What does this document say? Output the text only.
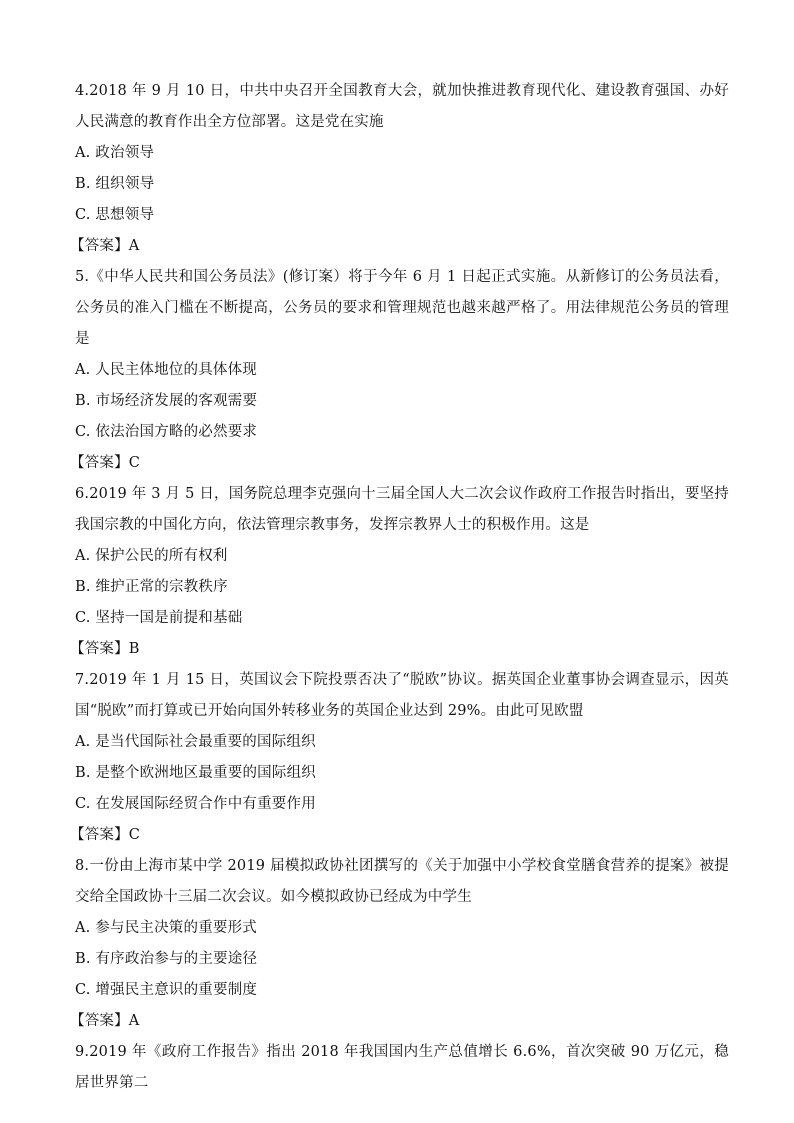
4.2018 年 9 月 10 日，中共中央召开全国教育大会，就加快推进教育现代化、建设教育强国、办好人民满意的教育作出全方位部署。这是党在实施
A. 政治领导
B. 组织领导
C. 思想领导
【答案】A
5.《中华人民共和国公务员法》(修订案）将于今年 6 月 1 日起正式实施。从新修订的公务员法看，公务员的准入门槛在不断提高，公务员的要求和管理规范也越来越严格了。用法律规范公务员的管理是
A. 人民主体地位的具体体现
B. 市场经济发展的客观需要
C. 依法治国方略的必然要求
【答案】C
6.2019 年 3 月 5 日，国务院总理李克强向十三届全国人大二次会议作政府工作报告时指出，要坚持我国宗教的中国化方向，依法管理宗教事务，发挥宗教界人士的积极作用。这是
A. 保护公民的所有权利
B. 维护正常的宗教秩序
C. 坚持一国是前提和基础
【答案】B
7.2019 年 1 月 15 日，英国议会下院投票否决了“脱欧”协议。据英国企业董事协会调查显示，因英国“脱欧”而打算或已开始向国外转移业务的英国企业达到 29%。由此可见欧盟
A. 是当代国际社会最重要的国际组织
B. 是整个欧洲地区最重要的国际组织
C. 在发展国际经贸合作中有重要作用
【答案】C
8.一份由上海市某中学 2019 届模拟政协社团撰写的《关于加强中小学校食堂膳食营养的提案》被提交给全国政协十三届二次会议。如今模拟政协已经成为中学生
A. 参与民主决策的重要形式
B. 有序政治参与的主要途径
C. 增强民主意识的重要制度
【答案】A
9.2019 年《政府工作报告》指出 2018 年我国国内生产总值增长 6.6%，首次突破 90 万亿元，稳居世界第二
